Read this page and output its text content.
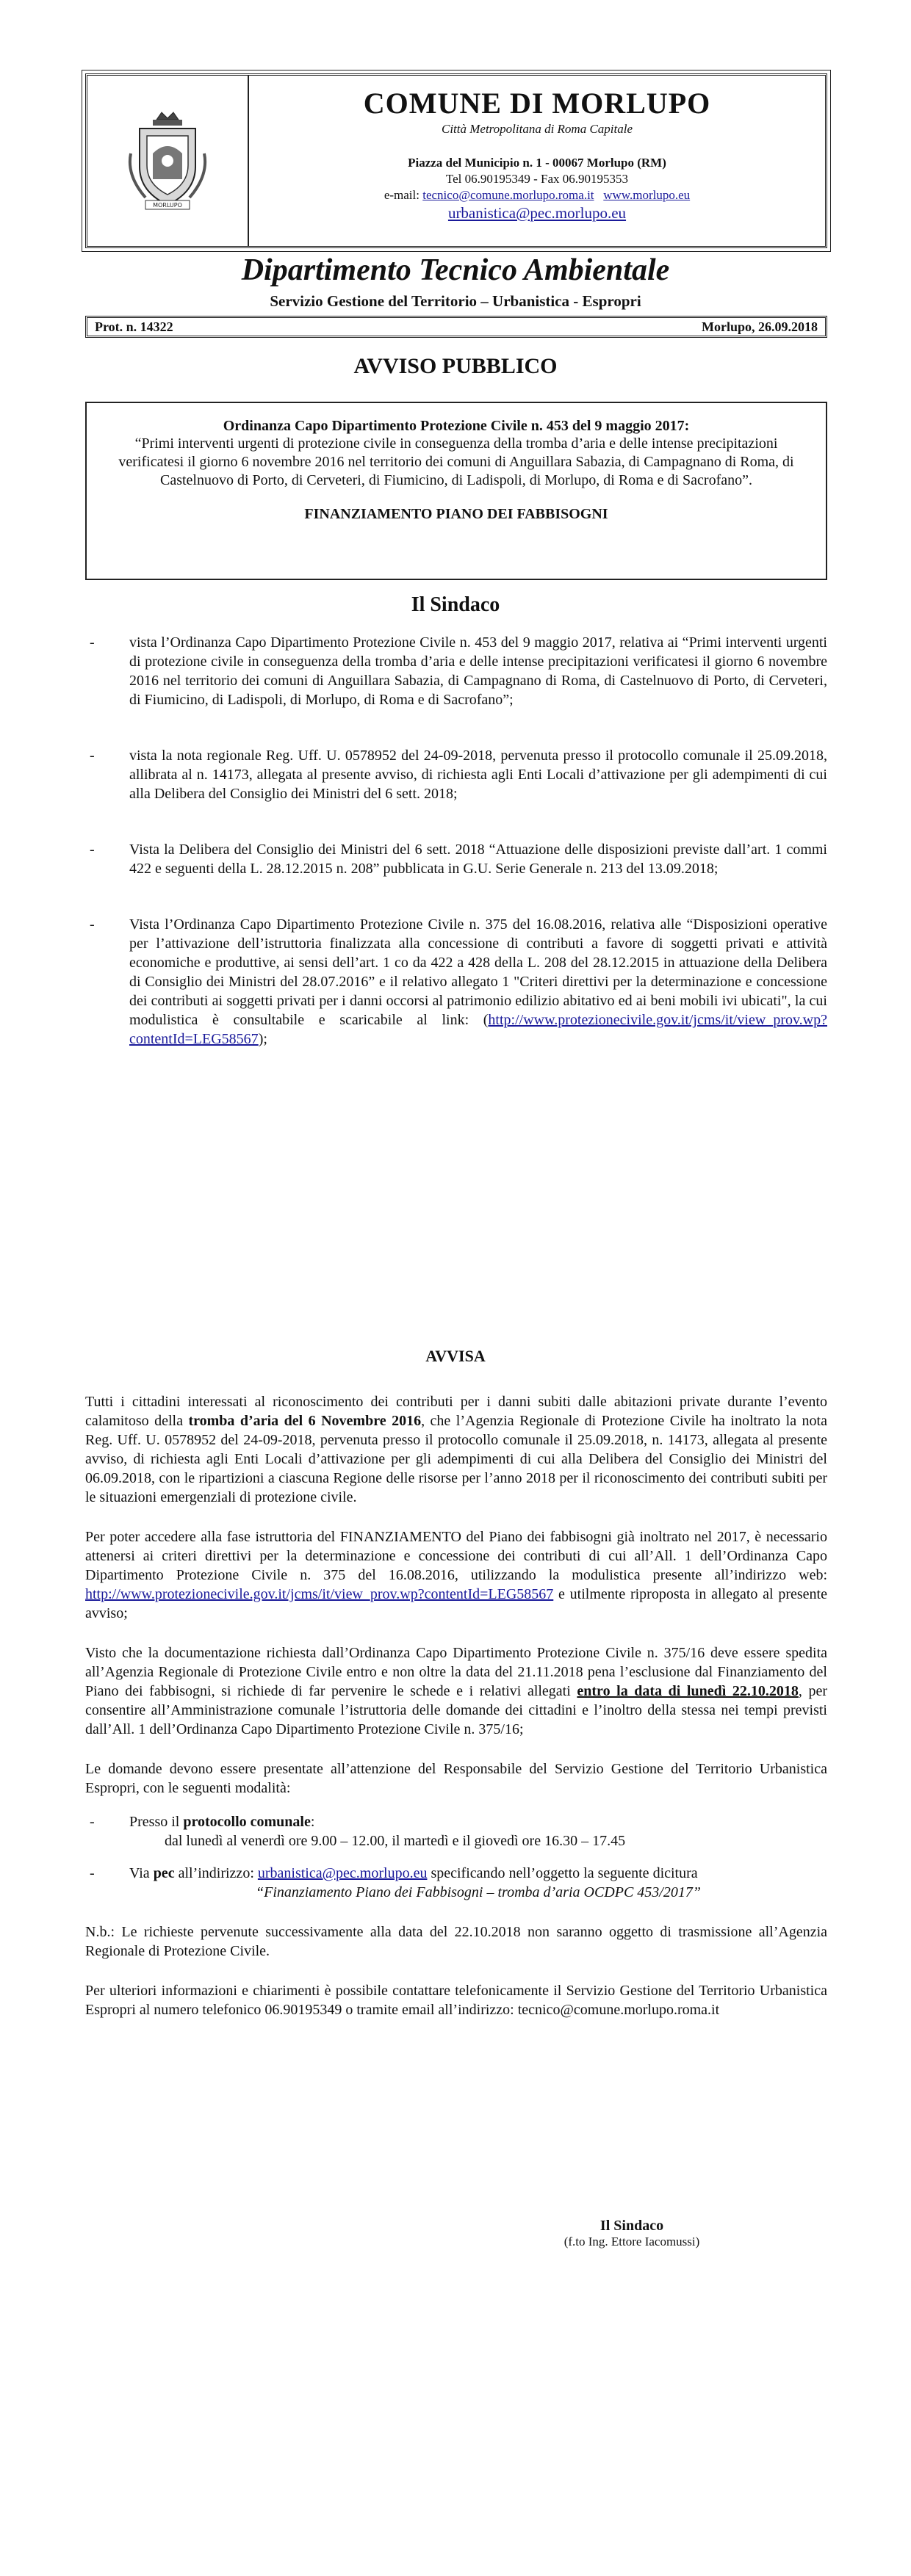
MORLUPO
COMUNE DI MORLUPO
Città Metropolitana di Roma Capitale
Piazza del Municipio n. 1 - 00067 Morlupo (RM)
Tel 06.90195349 - Fax 06.90195353
e-mail: tecnico@comune.morlupo.roma.it www.morlupo.eu
urbanistica@pec.morlupo.eu
Dipartimento Tecnico Ambientale
Servizio Gestione del Territorio – Urbanistica - Espropri
Prot. n. 14322	Morlupo, 26.09.2018
AVVISO PUBBLICO
Ordinanza Capo Dipartimento Protezione Civile n. 453 del 9 maggio 2017:
“Primi interventi urgenti di protezione civile in conseguenza della tromba d’aria e delle intense precipitazioni verificatesi il giorno 6 novembre 2016 nel territorio dei comuni di Anguillara Sabazia, di Campagnano di Roma, di Castelnuovo di Porto, di Cerveteri, di Fiumicino, di Ladispoli, di Morlupo, di Roma e di Sacrofano”.
FINANZIAMENTO PIANO DEI FABBISOGNI
Il Sindaco
- vista l’Ordinanza Capo Dipartimento Protezione Civile n. 453 del 9 maggio 2017, relativa ai “Primi interventi urgenti di protezione civile in conseguenza della tromba d’aria e delle intense precipitazioni verificatesi il giorno 6 novembre 2016 nel territorio dei comuni di Anguillara Sabazia, di Campagnano di Roma, di Castelnuovo di Porto, di Cerveteri, di Fiumicino, di Ladispoli, di Morlupo, di Roma e di Sacrofano”;
- vista la nota regionale Reg. Uff. U. 0578952 del 24-09-2018, pervenuta presso il protocollo comunale il 25.09.2018, allibrata al n. 14173, allegata al presente avviso, di richiesta agli Enti Locali d’attivazione per gli adempimenti di cui alla Delibera del Consiglio dei Ministri del 6 sett. 2018;
- Vista la Delibera del Consiglio dei Ministri del 6 sett. 2018 “Attuazione delle disposizioni previste dall’art. 1 commi 422 e seguenti della L. 28.12.2015 n. 208” pubblicata in G.U. Serie Generale n. 213 del 13.09.2018;
- Vista l’Ordinanza Capo Dipartimento Protezione Civile n. 375 del 16.08.2016, relativa alle “Disposizioni operative per l’attivazione dell’istruttoria finalizzata alla concessione di contributi a favore di soggetti privati e attività economiche e produttive, ai sensi dell’art. 1 co da 422 a 428 della L. 208 del 28.12.2015 in attuazione della Delibera di Consiglio dei Ministri del 28.07.2016” e il relativo allegato 1 "Criteri direttivi per la determinazione e concessione dei contributi ai soggetti privati per i danni occorsi al patrimonio edilizio abitativo ed ai beni mobili ivi ubicati", la cui modulistica è consultabile e scaricabile al link: (http://www.protezionecivile.gov.it/jcms/it/view_prov.wp?contentId=LEG58567);
AVVISA

Tutti i cittadini interessati al riconoscimento dei contributi per i danni subiti dalle abitazioni private durante l’evento calamitoso della tromba d’aria del 6 Novembre 2016, che l’Agenzia Regionale di Protezione Civile ha inoltrato la nota Reg. Uff. U. 0578952 del 24-09-2018, pervenuta presso il protocollo comunale il 25.09.2018, n. 14173, allegata al presente avviso, di richiesta agli Enti Locali d’attivazione per gli adempimenti di cui alla Delibera del Consiglio dei Ministri del 06.09.2018, con le ripartizioni a ciascuna Regione delle risorse per l’anno 2018 per il riconoscimento dei contributi subiti per le situazioni emergenziali di protezione civile.

Per poter accedere alla fase istruttoria del FINANZIAMENTO del Piano dei fabbisogni già inoltrato nel 2017, è necessario attenersi ai criteri direttivi per la determinazione e concessione dei contributi di cui all’All. 1 dell’Ordinanza Capo Dipartimento Protezione Civile n. 375 del 16.08.2016, utilizzando la modulistica presente all’indirizzo web: http://www.protezionecivile.gov.it/jcms/it/view_prov.wp?contentId=LEG58567 e utilmente riproposta in allegato al presente avviso;

Visto che la documentazione richiesta dall’Ordinanza Capo Dipartimento Protezione Civile n. 375/16 deve essere spedita all’Agenzia Regionale di Protezione Civile entro e non oltre la data del 21.11.2018 pena l’esclusione dal Finanziamento del Piano dei fabbisogni, si richiede di far pervenire le schede e i relativi allegati entro la data di lunedì 22.10.2018, per consentire all’Amministrazione comunale l’istruttoria delle domande dei cittadini e l’inoltro della stessa nei tempi previsti dall’All. 1 dell’Ordinanza Capo Dipartimento Protezione Civile n. 375/16;

Le domande devono essere presentate all’attenzione del Responsabile del Servizio Gestione del Territorio Urbanistica Espropri, con le seguenti modalità:

- Presso il protocollo comunale:
dal lunedì al venerdì ore 9.00 – 12.00, il martedì e il giovedì ore 16.30 – 17.45
- Via pec all’indirizzo: urbanistica@pec.morlupo.eu specificando nell’oggetto la seguente dicitura
“Finanziamento Piano dei Fabbisogni – tromba d’aria OCDPC 453/2017”

N.b.: Le richieste pervenute successivamente alla data del 22.10.2018 non saranno oggetto di trasmissione all’Agenzia Regionale di Protezione Civile.

Per ulteriori informazioni e chiarimenti è possibile contattare telefonicamente il Servizio Gestione del Territorio Urbanistica Espropri al numero telefonico 06.90195349 o tramite email all’indirizzo: tecnico@comune.morlupo.roma.it

Il Sindaco
(f.to Ing. Ettore Iacomussi)
